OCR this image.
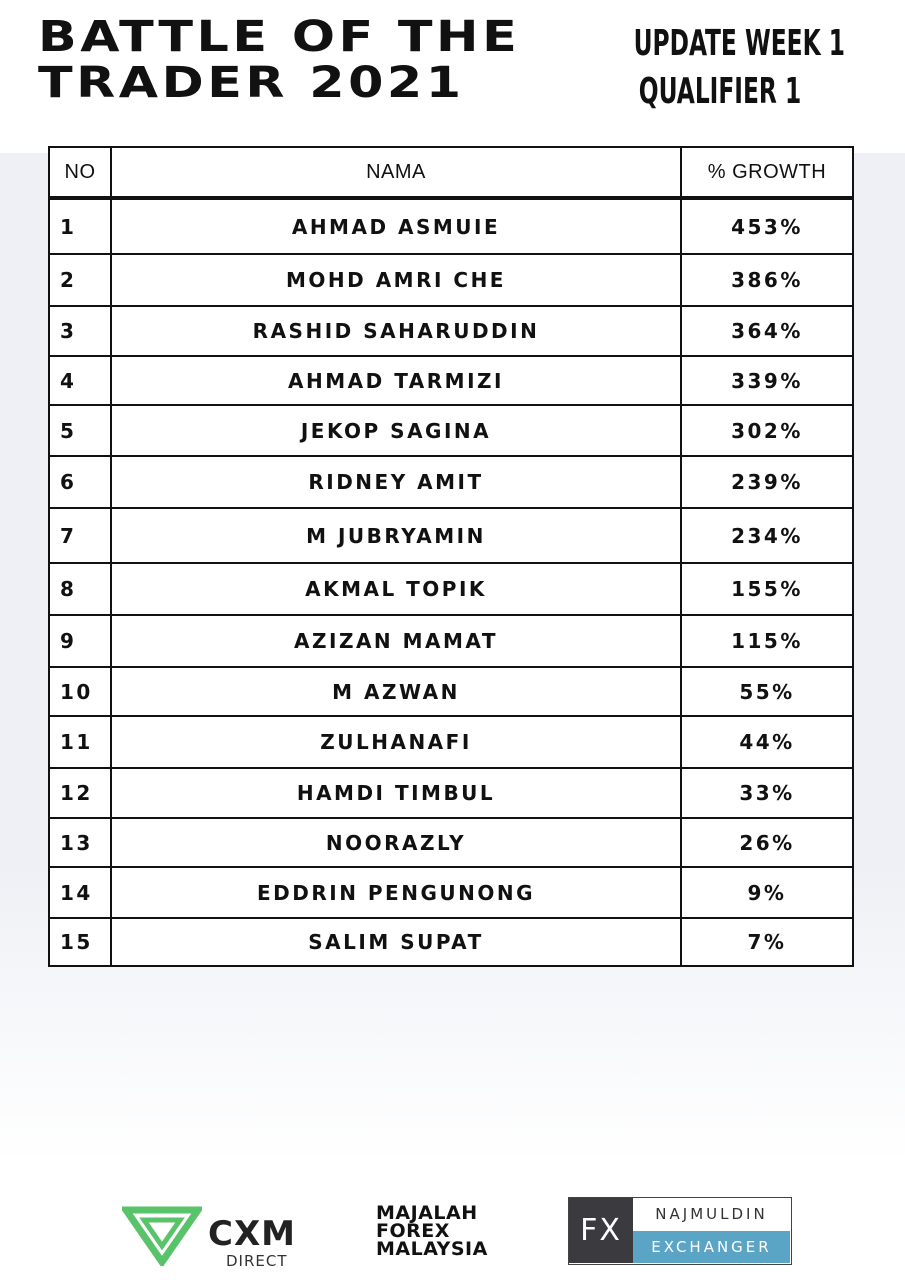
BATTLE OF THE
TRADER 2021
UPDATE WEEK 1
QUALIFIER 1
NO	NAMA	% GROWTH
1	AHMAD ASMUIE	453%
2	MOHD AMRI CHE	386%
3	RASHID SAHARUDDIN	364%
4	AHMAD TARMIZI	339%
5	JEKOP SAGINA	302%
6	RIDNEY AMIT	239%
7	M JUBRYAMIN	234%
8	AKMAL TOPIK	155%
9	AZIZAN MAMAT	115%
10	M AZWAN	55%
11	ZULHANAFI	44%
12	HAMDI TIMBUL	33%
13	NOORAZLY	26%
14	EDDRIN PENGUNONG	9%
15	SALIM SUPAT	7%
CXM
DIRECT
MAJALAH
FOREX
MALAYSIA
FX	NAJMULDIN
EXCHANGER
